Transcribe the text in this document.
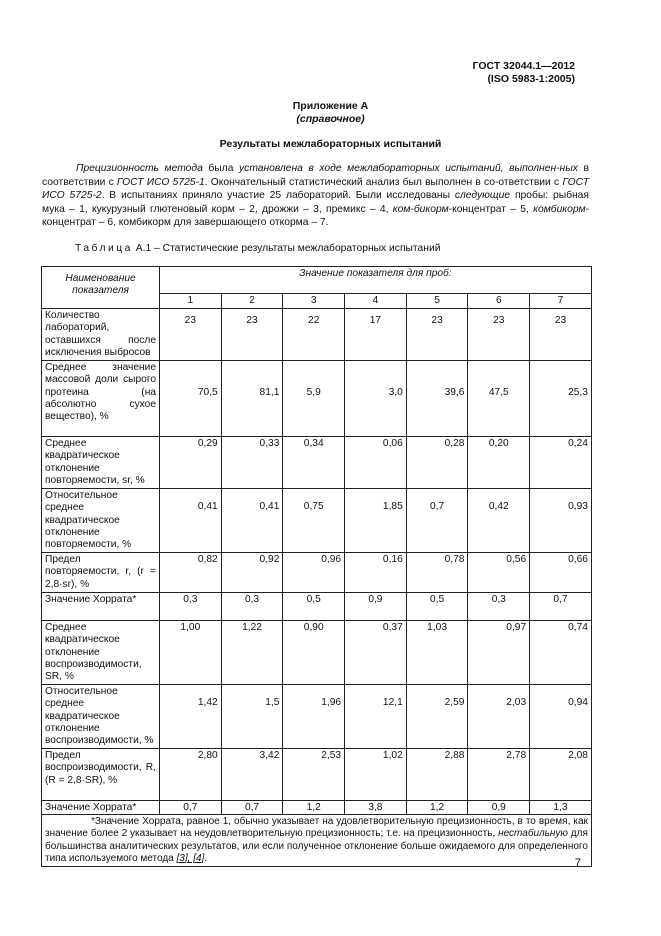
ГОСТ 32044.1—2012
(ISO 5983-1:2005)
Приложение А
(справочное)
Результаты межлабораторных испытаний

Прецизионность метода была установлена в ходе межлабораторных испытаний, выполнен-ных в соответствии с ГОСТ ИСО 5725-1. Окончательный статистический анализ был выполнен в со-ответствии с ГОСТ ИСО 5725-2. В испытаниях приняло участие 25 лабораторий. Были исследованы следующие пробы: рыбная мука – 1, кукурузный глютеновый корм – 2, дрожжи – 3, премикс – 4, ком-бикорм-концентрат – 5, комбикорм-концентрат – 6, комбикорм для завершающего откорма – 7.

Таблица А.1 – Статистические результаты межлабораторных испытаний
Наименование показателя	Значение показателя для проб:						
	1	2	3	4	5	6	7
Количество лабораторий, оставшихся после исключения выбросов	23	23	22	17	23	23	23
Среднее значение массовой доли сырого протеина (на абсолютно сухое вещество), %	70,5	81,1	5,9	3,0	39,6	47,5	25,3
Среднее квадратическое отклонение повторяемости, sr, %	0,29	0,33	0,34	0,06	0,28	0,20	0,24
Относительное среднее квадратическое отклонение повторяемости, %	0,41	0,41	0,75	1,85	0,7	0,42	0,93
Предел повторяемости, r, (r = 2,8·sr), %	0,82	0,92	0,96	0,16	0,78	0,56	0,66
Значение Хоррата*	0,3	0,3	0,5	0,9	0,5	0,3	0,7
Среднее квадратическое отклонение воспроизводимости, SR, %	1,00	1,22	0,90	0,37	1,03	0,97	0,74
Относительное среднее квадратическое отклонение воспроизводимости, %	1,42	1,5	1,96	12,1	2,59	2,03	0,94
Предел воспроизводимости, R, (R = 2,8·SR), %	2,80	3,42	2,53	1,02	2,88	2,78	2,08
Значение Хоррата*	0,7	0,7	1,2	3,8	1,2	0,9	1,3
*Значение Хоррата, равное 1, обычно указывает на удовлетворительную прецизионность, в то время, как значение более 2 указывает на неудовлетворительную прецизионность; т.е. на прецизионность, нестабильную для большинства аналитических результатов, или если полученное отклонение больше ожидаемого для определенного типа используемого метода [3], [4].								7
